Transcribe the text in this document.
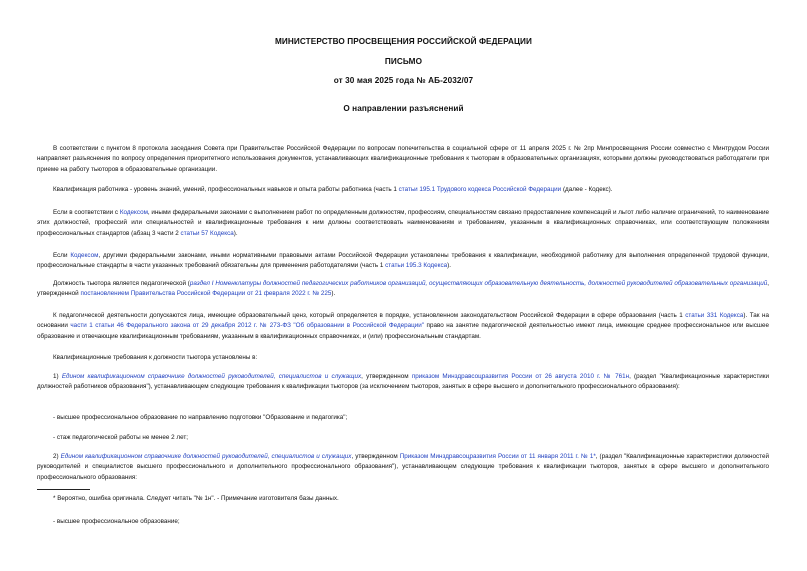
МИНИСТЕРСТВО ПРОСВЕЩЕНИЯ РОССИЙСКОЙ ФЕДЕРАЦИИ
ПИСЬМО
от 30 мая 2025 года № АБ-2032/07
О направлении разъяснений

В соответствии с пунктом 8 протокола заседания Совета при Правительстве Российской Федерации по вопросам попечительства в социальной сфере от 11 апреля 2025 г. № 2пр Минпросвещения России совместно с Минтрудом России направляет разъяснения по вопросу определения приоритетного использования документов, устанавливающих квалификационные требования к тьюторам в образовательных организациях, которыми должны руководствоваться работодатели при приеме на работу тьюторов в образовательные организации.

Квалификация работника - уровень знаний, умений, профессиональных навыков и опыта работы работника (часть 1 статьи 195.1 Трудового кодекса Российской Федерации (далее - Кодекс).

Если в соответствии с Кодексом, иными федеральными законами с выполнением работ по определенным должностям, профессиям, специальностям связано предоставление компенсаций и льгот либо наличие ограничений, то наименование этих должностей, профессий или специальностей и квалификационные требования к ним должны соответствовать наименованиям и требованиям, указанным в квалификационных справочниках, или соответствующим положениям профессиональных стандартов (абзац 3 части 2 статьи 57 Кодекса).

Если Кодексом, другими федеральными законами, иными нормативными правовыми актами Российской Федерации установлены требования к квалификации, необходимой работнику для выполнения определенной трудовой функции, профессиональные стандарты в части указанных требований обязательны для применения работодателями (часть 1 статьи 195.3 Кодекса).

Должность тьютора является педагогической (раздел I Номенклатуры должностей педагогических работников организаций, осуществляющих образовательную деятельность, должностей руководителей образовательных организаций, утвержденной постановлением Правительства Российской Федерации от 21 февраля 2022 г. № 225).

К педагогической деятельности допускаются лица, имеющие образовательный ценз, который определяется в порядке, установленном законодательством Российской Федерации в сфере образования (часть 1 статьи 331 Кодекса). Так на основании части 1 статьи 46 Федерального закона от 29 декабря 2012 г. № 273-ФЗ "Об образовании в Российской Федерации" право на занятие педагогической деятельностью имеют лица, имеющие среднее профессиональное или высшее образование и отвечающие квалификационным требованиям, указанным в квалификационных справочниках, и (или) профессиональным стандартам.

Квалификационные требования к должности тьютора установлены в:

1) Едином квалификационном справочнике должностей руководителей, специалистов и служащих, утвержденном приказом Минздравсоцразвития России от 26 августа 2010 г. № 761н, (раздел "Квалификационные характеристики должностей работников образования"), устанавливающем следующие требования к квалификации тьюторов (за исключением тьюторов, занятых в сфере высшего и дополнительного профессионального образования):

- высшее профессиональное образование по направлению подготовки "Образование и педагогика";

- стаж педагогической работы не менее 2 лет;

2) Едином квалификационном справочнике должностей руководителей, специалистов и служащих, утвержденном Приказом Минздравсоцразвития России от 11 января 2011 г. № 1*, (раздел "Квалификационные характеристики должностей руководителей и специалистов высшего профессионального и дополнительного профессионального образования"), устанавливающем следующие требования к квалификации тьюторов, занятых в сфере высшего и дополнительного профессионального образования:

* Вероятно, ошибка оригинала. Следует читать "№ 1н". - Примечание изготовителя базы данных.
- высшее профессиональное образование;
